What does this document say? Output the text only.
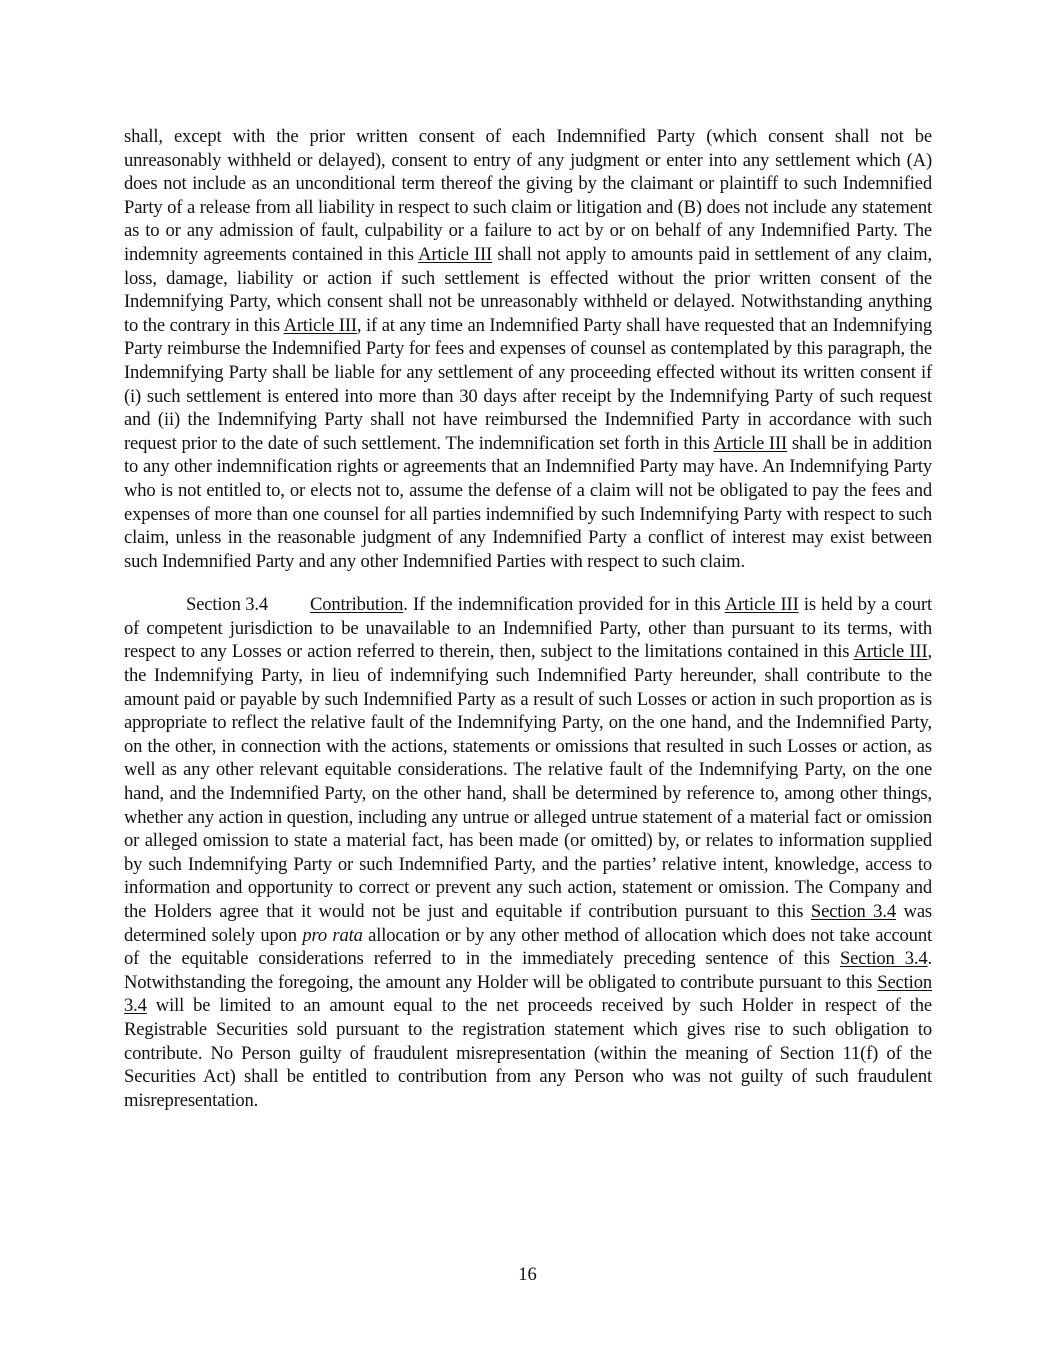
shall, except with the prior written consent of each Indemnified Party (which consent shall not be unreasonably withheld or delayed), consent to entry of any judgment or enter into any settlement which (A) does not include as an unconditional term thereof the giving by the claimant or plaintiff to such Indemnified Party of a release from all liability in respect to such claim or litigation and (B) does not include any statement as to or any admission of fault, culpability or a failure to act by or on behalf of any Indemnified Party. The indemnity agreements contained in this Article III shall not apply to amounts paid in settlement of any claim, loss, damage, liability or action if such settlement is effected without the prior written consent of the Indemnifying Party, which consent shall not be unreasonably withheld or delayed. Notwithstanding anything to the contrary in this Article III, if at any time an Indemnified Party shall have requested that an Indemnifying Party reimburse the Indemnified Party for fees and expenses of counsel as contemplated by this paragraph, the Indemnifying Party shall be liable for any settlement of any proceeding effected without its written consent if (i) such settlement is entered into more than 30 days after receipt by the Indemnifying Party of such request and (ii) the Indemnifying Party shall not have reimbursed the Indemnified Party in accordance with such request prior to the date of such settlement. The indemnification set forth in this Article III shall be in addition to any other indemnification rights or agreements that an Indemnified Party may have. An Indemnifying Party who is not entitled to, or elects not to, assume the defense of a claim will not be obligated to pay the fees and expenses of more than one counsel for all parties indemnified by such Indemnifying Party with respect to such claim, unless in the reasonable judgment of any Indemnified Party a conflict of interest may exist between such Indemnified Party and any other Indemnified Parties with respect to such claim.

Section 3.4 Contribution. If the indemnification provided for in this Article III is held by a court of competent jurisdiction to be unavailable to an Indemnified Party, other than pursuant to its terms, with respect to any Losses or action referred to therein, then, subject to the limitations contained in this Article III, the Indemnifying Party, in lieu of indemnifying such Indemnified Party hereunder, shall contribute to the amount paid or payable by such Indemnified Party as a result of such Losses or action in such proportion as is appropriate to reflect the relative fault of the Indemnifying Party, on the one hand, and the Indemnified Party, on the other, in connection with the actions, statements or omissions that resulted in such Losses or action, as well as any other relevant equitable considerations. The relative fault of the Indemnifying Party, on the one hand, and the Indemnified Party, on the other hand, shall be determined by reference to, among other things, whether any action in question, including any untrue or alleged untrue statement of a material fact or omission or alleged omission to state a material fact, has been made (or omitted) by, or relates to information supplied by such Indemnifying Party or such Indemnified Party, and the parties’ relative intent, knowledge, access to information and opportunity to correct or prevent any such action, statement or omission. The Company and the Holders agree that it would not be just and equitable if contribution pursuant to this Section 3.4 was determined solely upon pro rata allocation or by any other method of allocation which does not take account of the equitable considerations referred to in the immediately preceding sentence of this Section 3.4. Notwithstanding the foregoing, the amount any Holder will be obligated to contribute pursuant to this Section 3.4 will be limited to an amount equal to the net proceeds received by such Holder in respect of the Registrable Securities sold pursuant to the registration statement which gives rise to such obligation to contribute. No Person guilty of fraudulent misrepresentation (within the meaning of Section 11(f) of the Securities Act) shall be entitled to contribution from any Person who was not guilty of such fraudulent misrepresentation.

16
